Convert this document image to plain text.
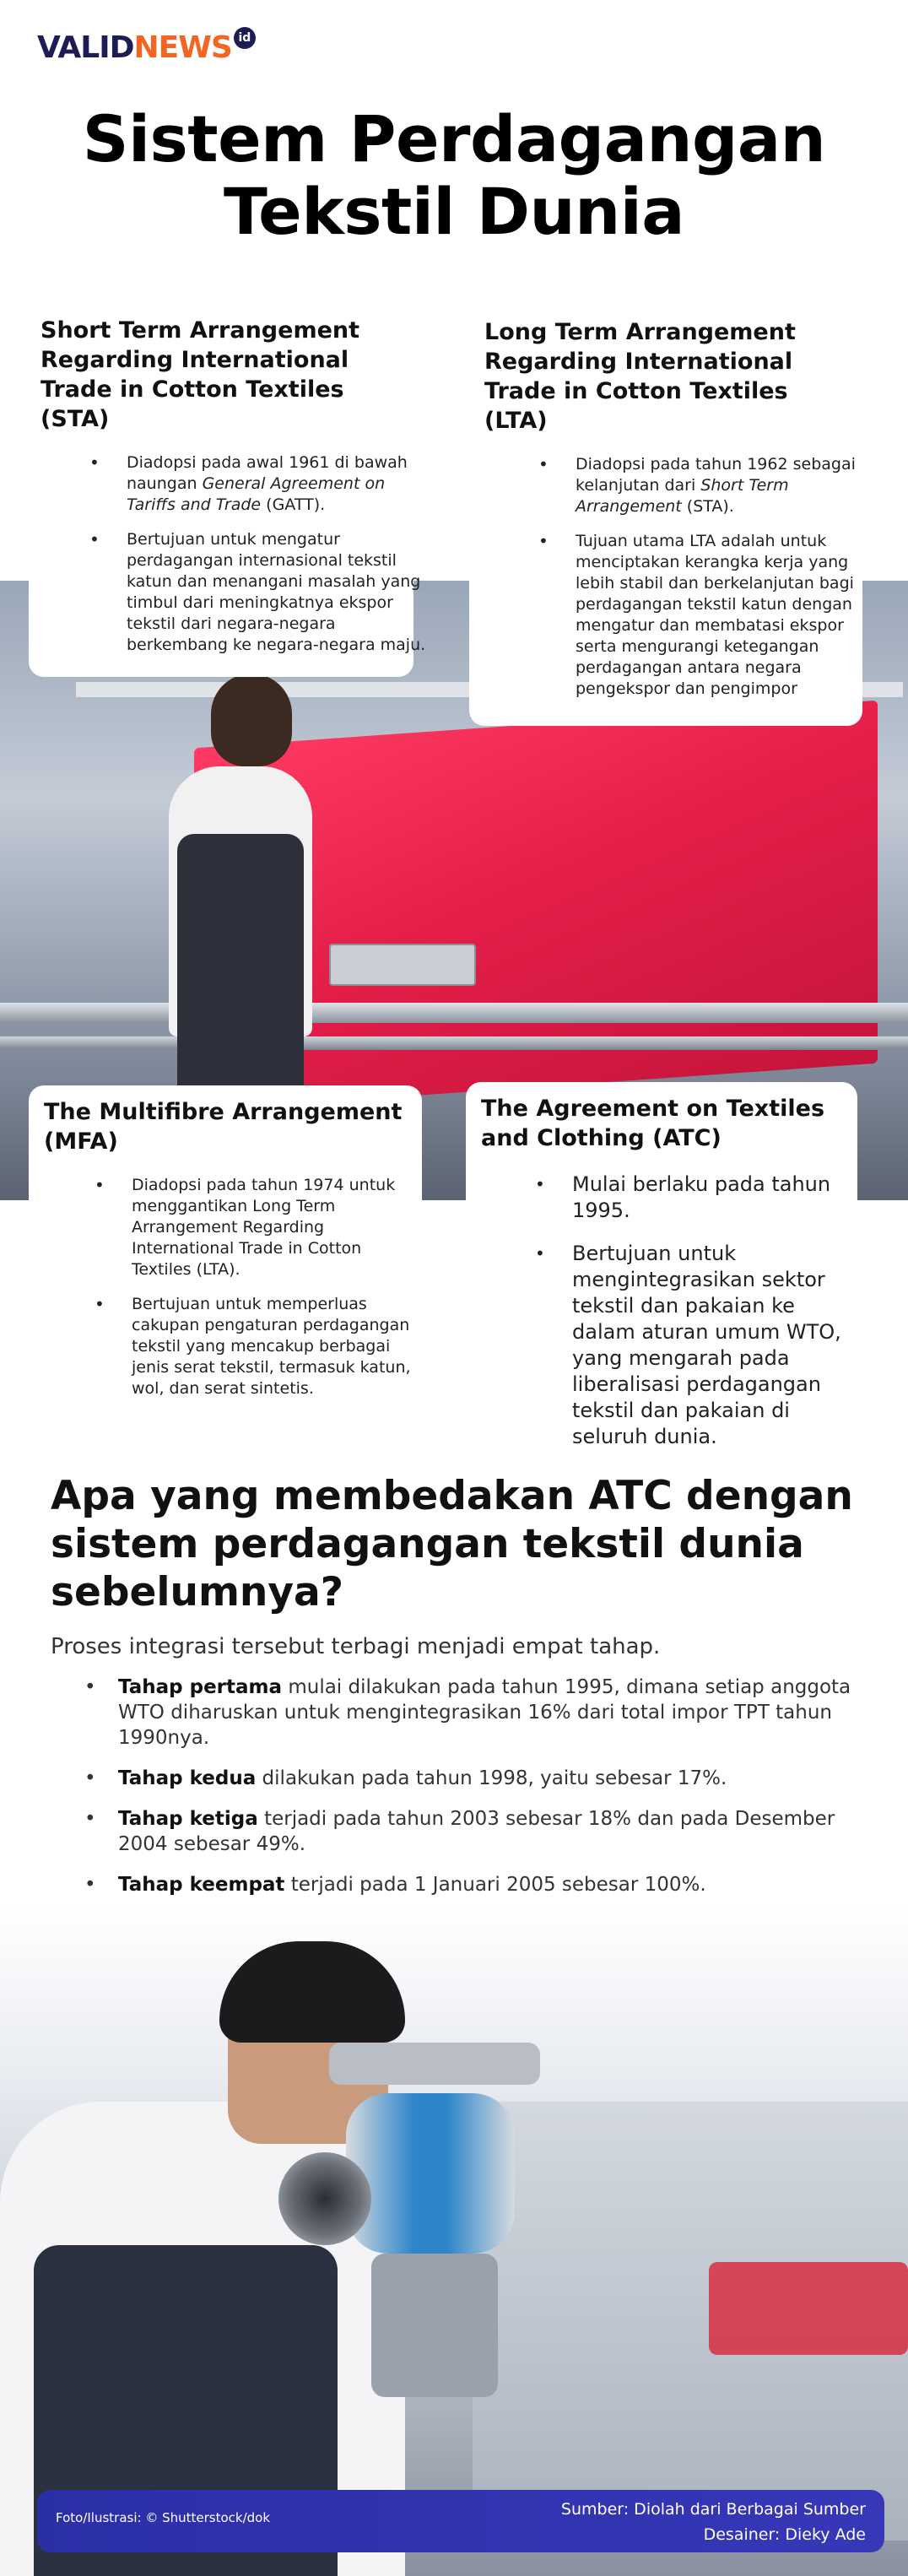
VALID NEWS id
Sistem Perdagangan Tekstil Dunia
Short Term Arrangement Regarding International Trade in Cotton Textiles (STA)
• Diadopsi pada awal 1961 di bawah naungan General Agreement on Tariffs and Trade (GATT).
• Bertujuan untuk mengatur perdagangan internasional tekstil katun dan menangani masalah yang timbul dari meningkatnya ekspor tekstil dari negara-negara berkembang ke negara-negara maju.
Long Term Arrangement Regarding International Trade in Cotton Textiles (LTA)
• Diadopsi pada tahun 1962 sebagai kelanjutan dari Short Term Arrangement (STA).
• Tujuan utama LTA adalah untuk menciptakan kerangka kerja yang lebih stabil dan berkelanjutan bagi perdagangan tekstil katun dengan mengatur dan membatasi ekspor serta mengurangi ketegangan perdagangan antara negara pengekspor dan pengimpor
The Multifibre Arrangement (MFA)
• Diadopsi pada tahun 1974 untuk menggantikan Long Term Arrangement Regarding International Trade in Cotton Textiles (LTA).
• Bertujuan untuk memperluas cakupan pengaturan perdagangan tekstil yang mencakup berbagai jenis serat tekstil, termasuk katun, wol, dan serat sintetis.
The Agreement on Textiles and Clothing (ATC)
• Mulai berlaku pada tahun 1995.
• Bertujuan untuk mengintegrasikan sektor tekstil dan pakaian ke dalam aturan umum WTO, yang mengarah pada liberalisasi perdagangan tekstil dan pakaian di seluruh dunia.
Apa yang membedakan ATC dengan sistem perdagangan tekstil dunia sebelumnya?
Proses integrasi tersebut terbagi menjadi empat tahap.
• Tahap pertama mulai dilakukan pada tahun 1995, dimana setiap anggota WTO diharuskan untuk mengintegrasikan 16% dari total impor TPT tahun 1990nya.
• Tahap kedua dilakukan pada tahun 1998, yaitu sebesar 17%.
• Tahap ketiga terjadi pada tahun 2003 sebesar 18% dan pada Desember 2004 sebesar 49%.
• Tahap keempat terjadi pada 1 Januari 2005 sebesar 100%.
Foto/Ilustrasi: © Shutterstock/dok	Sumber: Diolah dari Berbagai Sumber
Desainer: Dieky Ade
